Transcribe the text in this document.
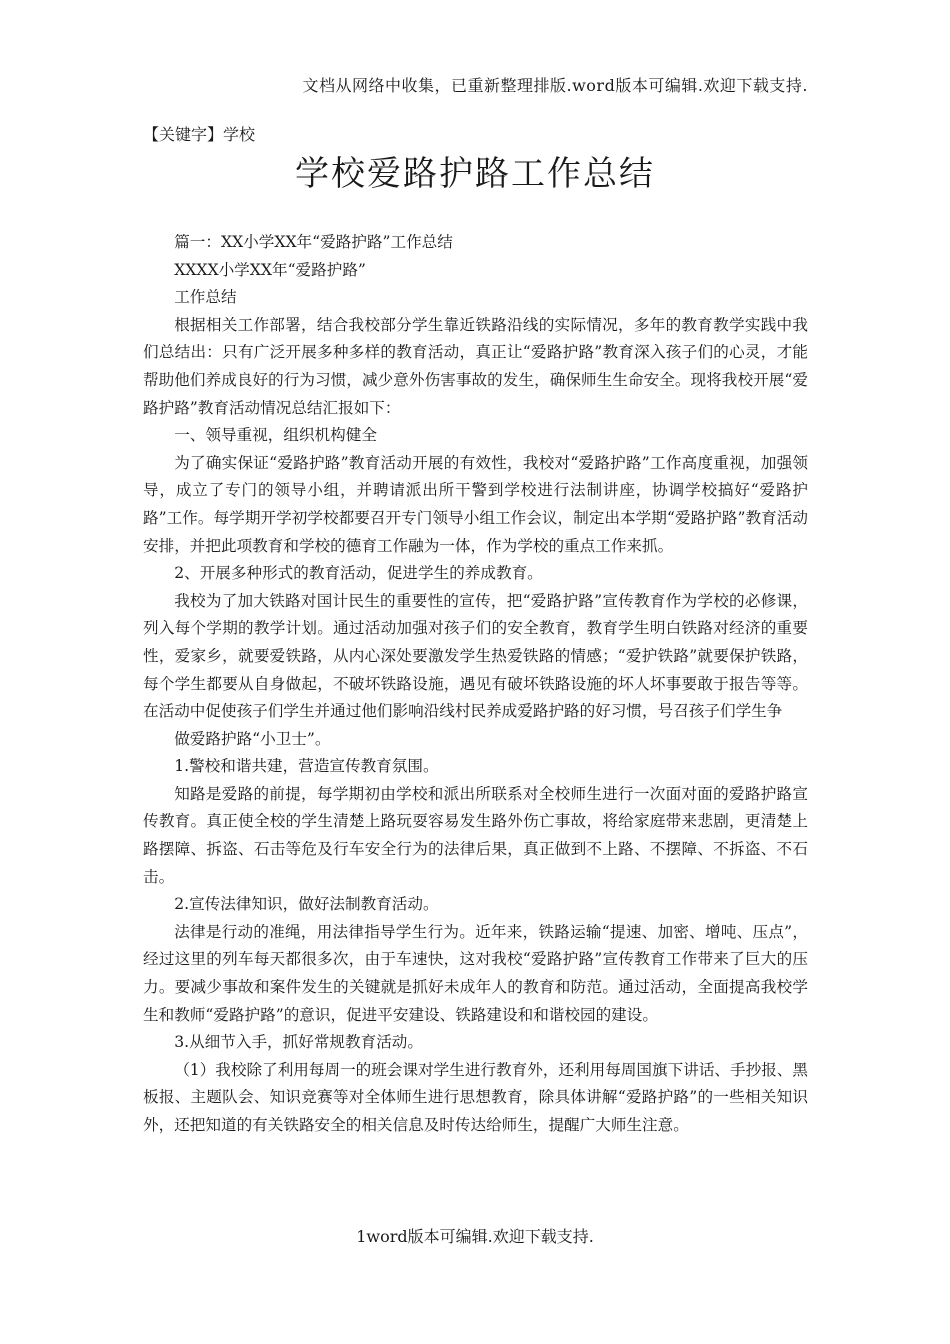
文档从网络中收集，已重新整理排版.word版本可编辑.欢迎下载支持.
【关键字】学校
学校爱路护路工作总结

篇一：XX小学XX年“爱路护路”工作总结

XXXX小学XX年“爱路护路”

工作总结

根据相关工作部署，结合我校部分学生靠近铁路沿线的实际情况，多年的教育教学实践中我们总结出：只有广泛开展多种多样的教育活动，真正让“爱路护路”教育深入孩子们的心灵，才能帮助他们养成良好的行为习惯，减少意外伤害事故的发生，确保师生生命安全。现将我校开展“爱路护路”教育活动情况总结汇报如下：

一、领导重视，组织机构健全

为了确实保证“爱路护路”教育活动开展的有效性，我校对“爱路护路”工作高度重视，加强领导，成立了专门的领导小组，并聘请派出所干警到学校进行法制讲座，协调学校搞好“爱路护路”工作。每学期开学初学校都要召开专门领导小组工作会议，制定出本学期“爱路护路”教育活动安排，并把此项教育和学校的德育工作融为一体，作为学校的重点工作来抓。

2、开展多种形式的教育活动，促进学生的养成教育。

我校为了加大铁路对国计民生的重要性的宣传，把“爱路护路”宣传教育作为学校的必修课，列入每个学期的教学计划。通过活动加强对孩子们的安全教育，教育学生明白铁路对经济的重要性，爱家乡，就要爱铁路，从内心深处要激发学生热爱铁路的情感；“爱护铁路”就要保护铁路，每个学生都要从自身做起，不破坏铁路设施，遇见有破坏铁路设施的坏人坏事要敢于报告等等。在活动中促使孩子们学生并通过他们影响沿线村民养成爱路护路的好习惯，号召孩子们学生争

做爱路护路“小卫士”。

1.警校和谐共建，营造宣传教育氛围。

知路是爱路的前提，每学期初由学校和派出所联系对全校师生进行一次面对面的爱路护路宣传教育。真正使全校的学生清楚上路玩耍容易发生路外伤亡事故，将给家庭带来悲剧，更清楚上路摆障、拆盗、石击等危及行车安全行为的法律后果，真正做到不上路、不摆障、不拆盗、不石击。

2.宣传法律知识，做好法制教育活动。

法律是行动的准绳，用法律指导学生行为。近年来，铁路运输“提速、加密、增吨、压点”，经过这里的列车每天都很多次，由于车速快，这对我校“爱路护路”宣传教育工作带来了巨大的压力。要减少事故和案件发生的关键就是抓好未成年人的教育和防范。通过活动，全面提高我校学生和教师“爱路护路”的意识，促进平安建设、铁路建设和和谐校园的建设。

3.从细节入手，抓好常规教育活动。

（1）我校除了利用每周一的班会课对学生进行教育外，还利用每周国旗下讲话、手抄报、黑板报、主题队会、知识竞赛等对全体师生进行思想教育，除具体讲解“爱路护路”的一些相关知识外，还把知道的有关铁路安全的相关信息及时传达给师生，提醒广大师生注意。

1word版本可编辑.欢迎下载支持.
